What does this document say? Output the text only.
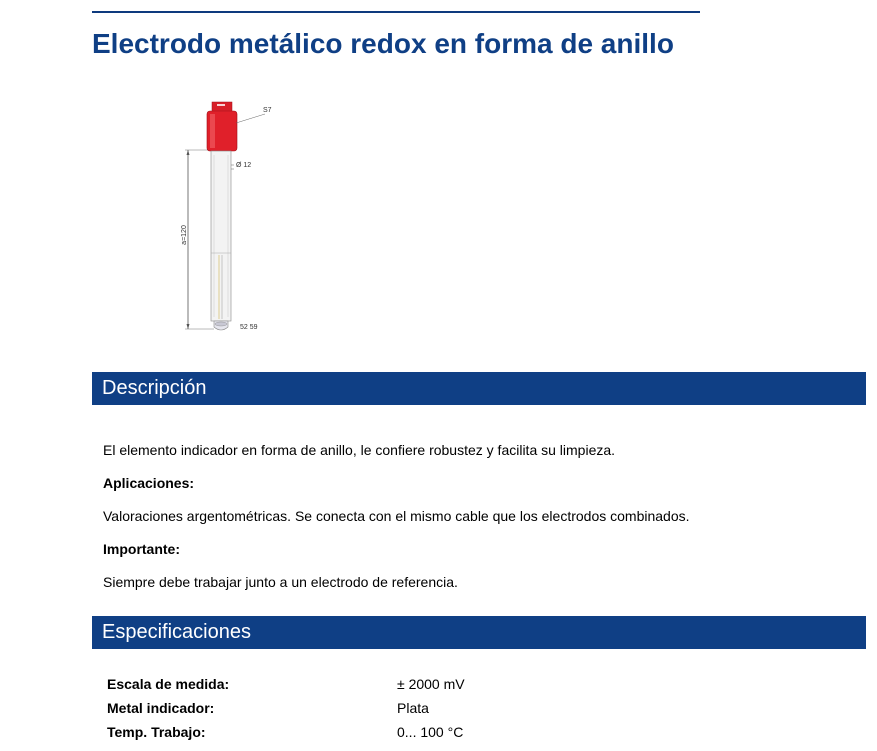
Electrodo metálico redox en forma de anillo
a=120
S7
Ø 12
52 59
Descripción

El elemento indicador en forma de anillo, le confiere robustez y facilita su limpieza.

Aplicaciones:

Valoraciones argentométricas. Se conecta con el mismo cable que los electrodos combinados.

Importante:

Siempre debe trabajar junto a un electrodo de referencia.

Especificaciones
Escala de medida:	± 2000 mV
Metal indicador:	Plata
Temp. Trabajo:	0... 100 °C
